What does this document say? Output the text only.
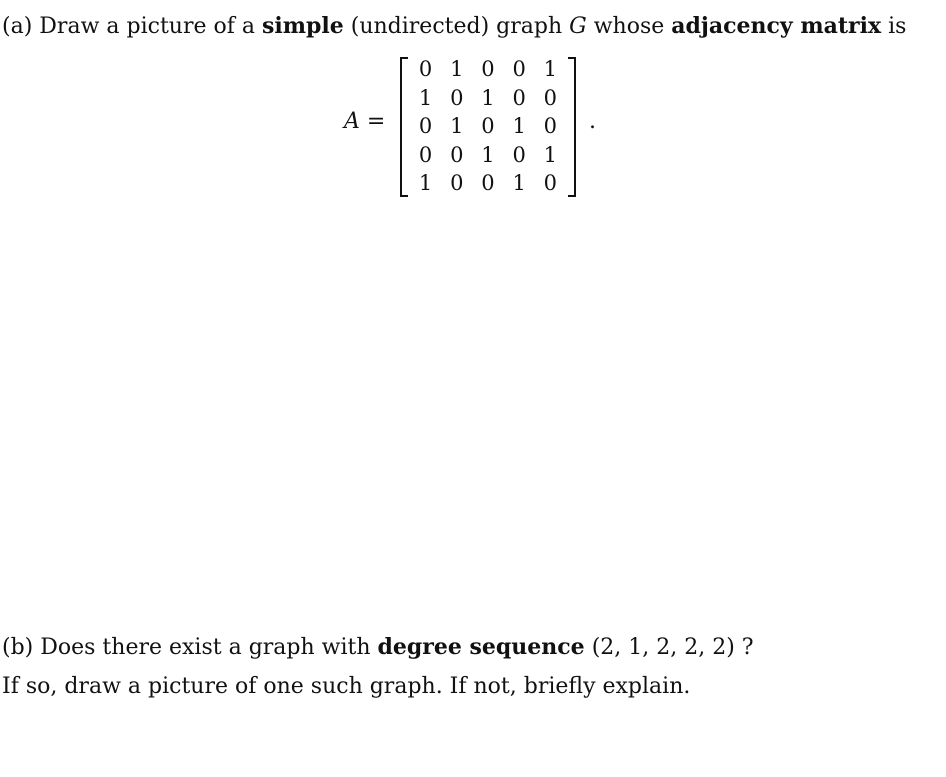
(a) Draw a picture of a simple (undirected) graph G whose adjacency matrix is
A =
0 1 0 0 1
1 0 1 0 0
0 1 0 1 0
0 0 1 0 1
1 0 0 1 0
.
(b) Does there exist a graph with degree sequence (2, 1, 2, 2, 2) ?
If so, draw a picture of one such graph. If not, briefly explain.
